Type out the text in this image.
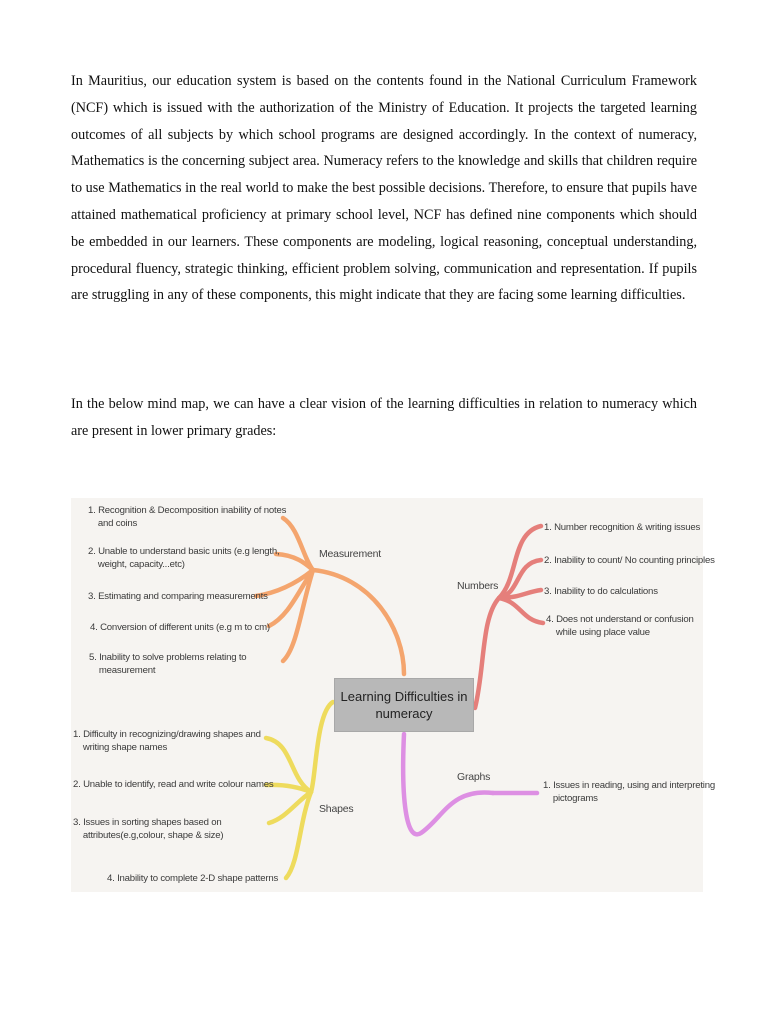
In Mauritius, our education system is based on the contents found in the National Curriculum Framework (NCF) which is issued with the authorization of the Ministry of Education. It projects the targeted learning outcomes of all subjects by which school programs are designed accordingly. In the context of numeracy, Mathematics is the concerning subject area. Numeracy refers to the knowledge and skills that children require to use Mathematics in the real world to make the best possible decisions. Therefore, to ensure that pupils have attained mathematical proficiency at primary school level, NCF has defined nine components which should be embedded in our learners. These components are modeling, logical reasoning, conceptual understanding, procedural fluency, strategic thinking, efficient problem solving, communication and representation. If pupils are struggling in any of these components, this might indicate that they are facing some learning difficulties.

In the below mind map, we can have a clear vision of the learning difficulties in relation to numeracy which are present in lower primary grades:

Learning Difficulties in
numeracy
Measurement
1. Recognition & Decomposition inability of notes
and coins
2. Unable to understand basic units (e.g length,
weight, capacity...etc)
3. Estimating and comparing measurements
4. Conversion of different units (e.g m to cm)
5. Inability to solve problems relating to
measurement
Numbers
1. Number recognition & writing issues
2. Inability to count/ No counting principles
3. Inability to do calculations
4. Does not understand or confusion
while using place value
Shapes
1. Difficulty in recognizing/drawing shapes and
writing shape names
2. Unable to identify, read and write colour names
3. Issues in sorting shapes based on
attributes(e.g,colour, shape & size)
4. Inability to complete 2-D shape patterns
Graphs
1. Issues in reading, using and interpreting
pictograms
